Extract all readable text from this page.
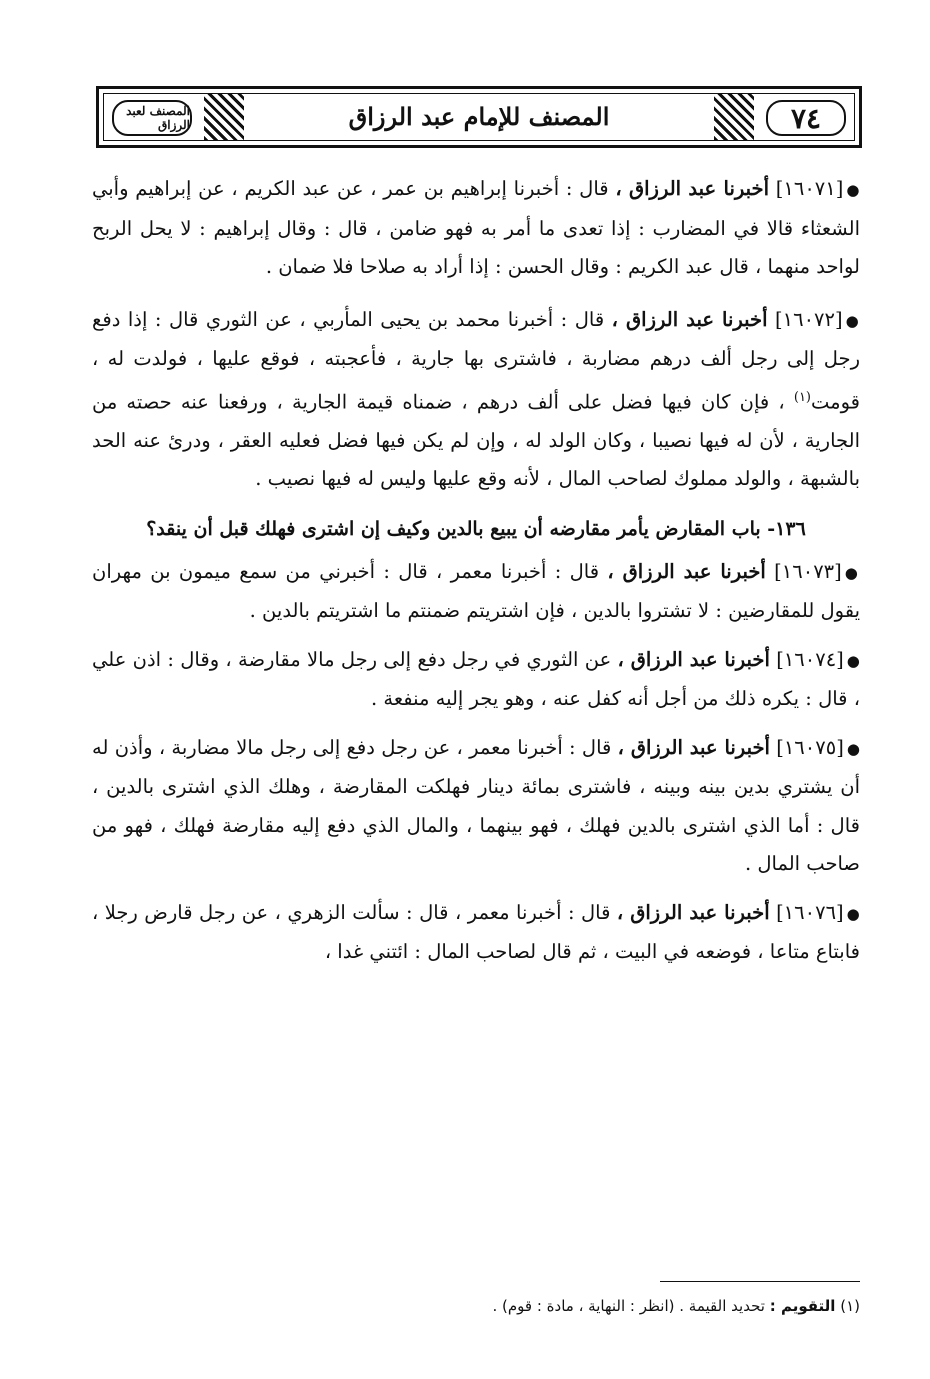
٧٤
المصنف للإمام عبد الرزاق
المصنف لعبد الرزاق

●[١٦٠٧١] أخبرنا عبد الرزاق ، قال : أخبرنا إبراهيم بن عمر ، عن عبد الكريم ، عن إبراهيم وأبي الشعثاء قالا في المضارب : إذا تعدى ما أمر به فهو ضامن ، قال : وقال إبراهيم : لا يحل الربح لواحد منهما ، قال عبد الكريم : وقال الحسن : إذا أراد به صلاحا فلا ضمان .

●[١٦٠٧٢] أخبرنا عبد الرزاق ، قال : أخبرنا محمد بن يحيى المأربي ، عن الثوري قال : إذا دفع رجل إلى رجل ألف درهم مضاربة ، فاشترى بها جارية ، فأعجبته ، فوقع عليها ، فولدت له ، قومت$^{(١)}$ ، فإن كان فيها فضل على ألف درهم ، ضمناه قيمة الجارية ، ورفعنا عنه حصته من الجارية ، لأن له فيها نصيبا ، وكان الولد له ، وإن لم يكن فيها فضل فعليه العقر ، ودرئ عنه الحد بالشبهة ، والولد مملوك لصاحب المال ، لأنه وقع عليها وليس له فيها نصيب .

١٣٦- باب المقارض يأمر مقارضه أن يبيع بالدين وكيف إن اشترى فهلك قبل أن ينقد؟

●[١٦٠٧٣] أخبرنا عبد الرزاق ، قال : أخبرنا معمر ، قال : أخبرني من سمع ميمون بن مهران يقول للمقارضين : لا تشتروا بالدين ، فإن اشتريتم ضمنتم ما اشتريتم بالدين .

●[١٦٠٧٤] أخبرنا عبد الرزاق ، عن الثوري في رجل دفع إلى رجل مالا مقارضة ، وقال : اذن علي ، قال : يكره ذلك من أجل أنه كفل عنه ، وهو يجر إليه منفعة .

●[١٦٠٧٥] أخبرنا عبد الرزاق ، قال : أخبرنا معمر ، عن رجل دفع إلى رجل مالا مضاربة ، وأذن له أن يشتري بدين بينه وبينه ، فاشترى بمائة دينار فهلكت المقارضة ، وهلك الذي اشترى بالدين ، قال : أما الذي اشترى بالدين فهلك ، فهو بينهما ، والمال الذي دفع إليه مقارضة فهلك ، فهو من صاحب المال .

●[١٦٠٧٦] أخبرنا عبد الرزاق ، قال : أخبرنا معمر ، قال : سألت الزهري ، عن رجل قارض رجلا ، فابتاع متاعا ، فوضعه في البيت ، ثم قال لصاحب المال : ائتني غدا ،

(١) التقويم : تحديد القيمة . (انظر : النهاية ، مادة : قوم) .
